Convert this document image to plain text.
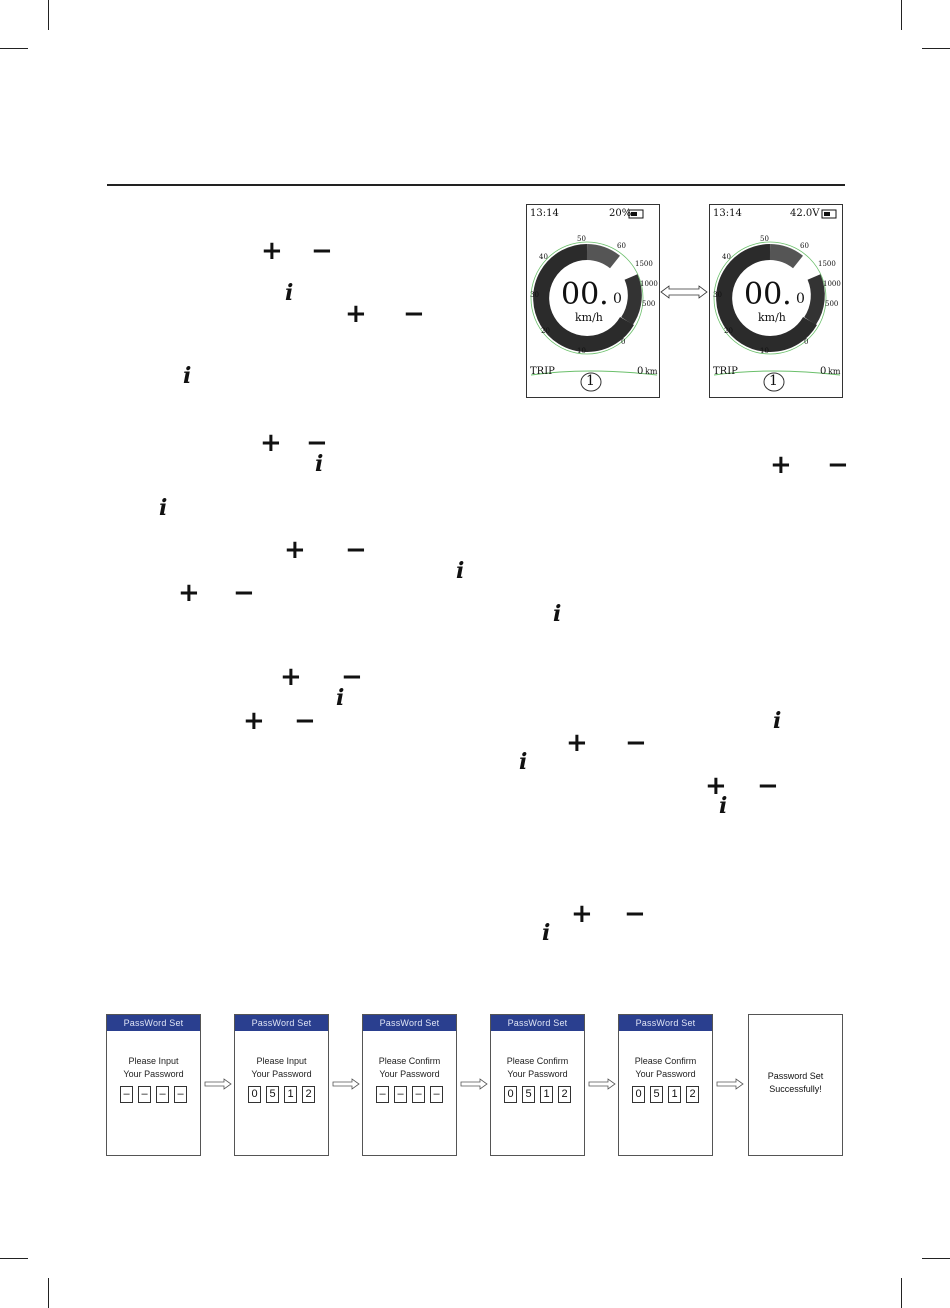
+ −
i
+ −
i
+ −
i	+ −
i
+ −
i
+ −
i
+ −
i
+ −	i
+ −
i
+ −
i
+ −
i
13:14	20%
50
40
30
20
10
60
0
1500
1000
500
00. 0
km/h
TRIP	0 km
1
13:14	42.0V
50
40
30
20
10
60
0
1500
1000
500
00. 0
km/h
TRIP	0 km
1
PassWord Set
Please Input
Your Password
–	–	–	–
PassWord Set
Please Input
Your Password
0	5	1	2
PassWord Set
Please Confirm
Your Password
–	–	–	–
PassWord Set
Please Confirm
Your Password
0	5	1	2
PassWord Set
Please Confirm
Your Password
0	5	1	2
Password Set
Successfully!
